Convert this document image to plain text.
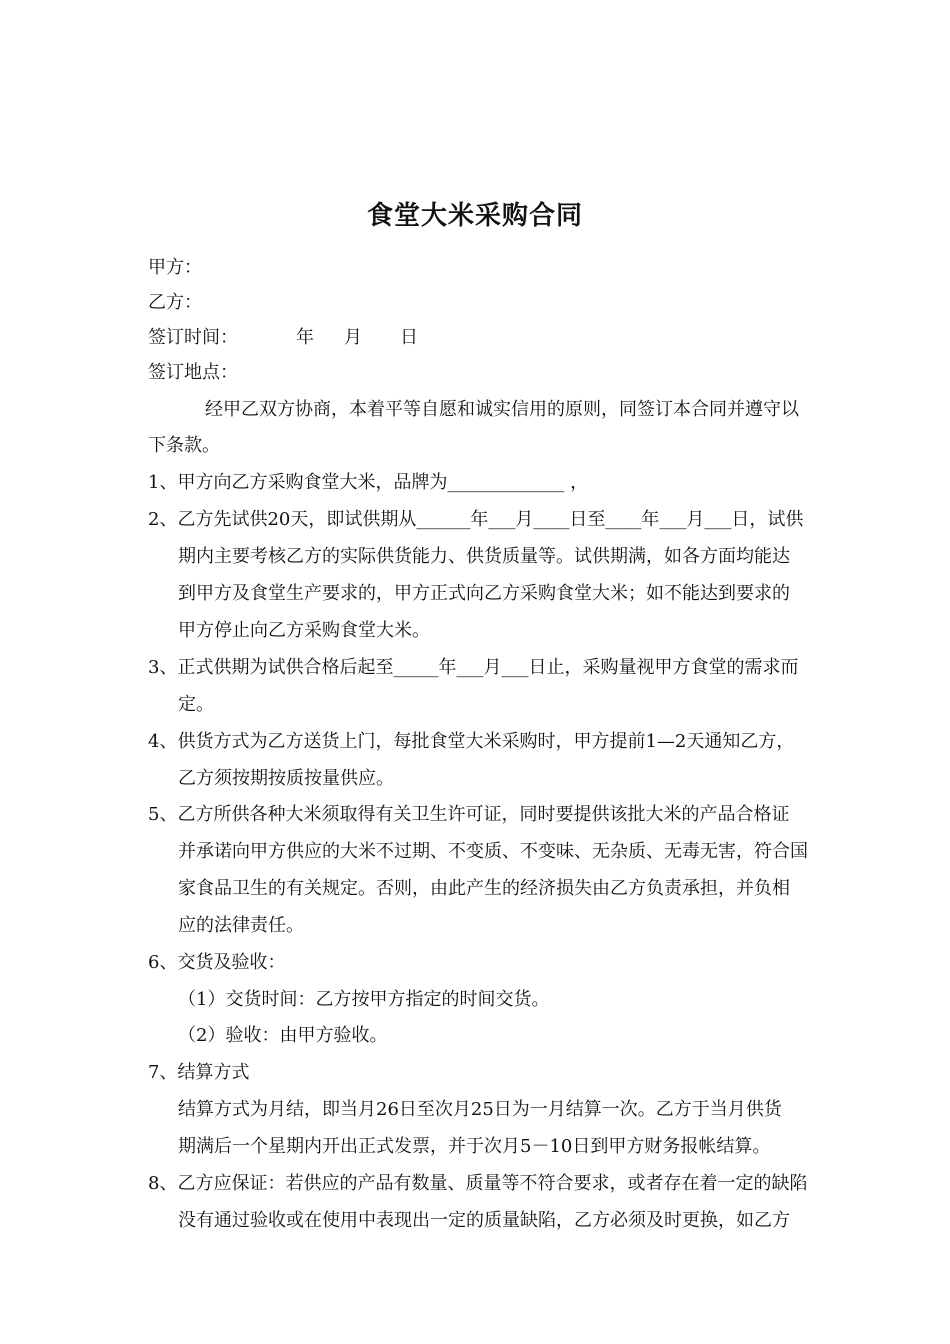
食堂大米采购合同
甲方：
乙方：
签订时间：	年 月 日
签订地点：
经甲乙双方协商，本着平等自愿和诚实信用的原则，同签订本合同并遵守以
下条款。
1、甲方向乙方采购食堂大米，品牌为_____________ ，
2、乙方先试供20天，即试供期从______年___月____日至____年___月___日，试供
期内主要考核乙方的实际供货能力、供货质量等。试供期满，如各方面均能达
到甲方及食堂生产要求的，甲方正式向乙方采购食堂大米；如不能达到要求的
甲方停止向乙方采购食堂大米。
3、正式供期为试供合格后起至_____年___月___日止，采购量视甲方食堂的需求而
定。
4、供货方式为乙方送货上门，每批食堂大米采购时，甲方提前1—2天通知乙方，
乙方须按期按质按量供应。
5、乙方所供各种大米须取得有关卫生许可证，同时要提供该批大米的产品合格证
并承诺向甲方供应的大米不过期、不变质、不变味、无杂质、无毒无害，符合国
家食品卫生的有关规定。否则，由此产生的经济损失由乙方负责承担，并负相
应的法律责任。
6、交货及验收：
（1）交货时间：乙方按甲方指定的时间交货。
（2）验收：由甲方验收。
7、结算方式
结算方式为月结，即当月26日至次月25日为一月结算一次。乙方于当月供货
期满后一个星期内开出正式发票，并于次月5－10日到甲方财务报帐结算。
8、乙方应保证：若供应的产品有数量、质量等不符合要求，或者存在着一定的缺陷
没有通过验收或在使用中表现出一定的质量缺陷，乙方必须及时更换，如乙方
